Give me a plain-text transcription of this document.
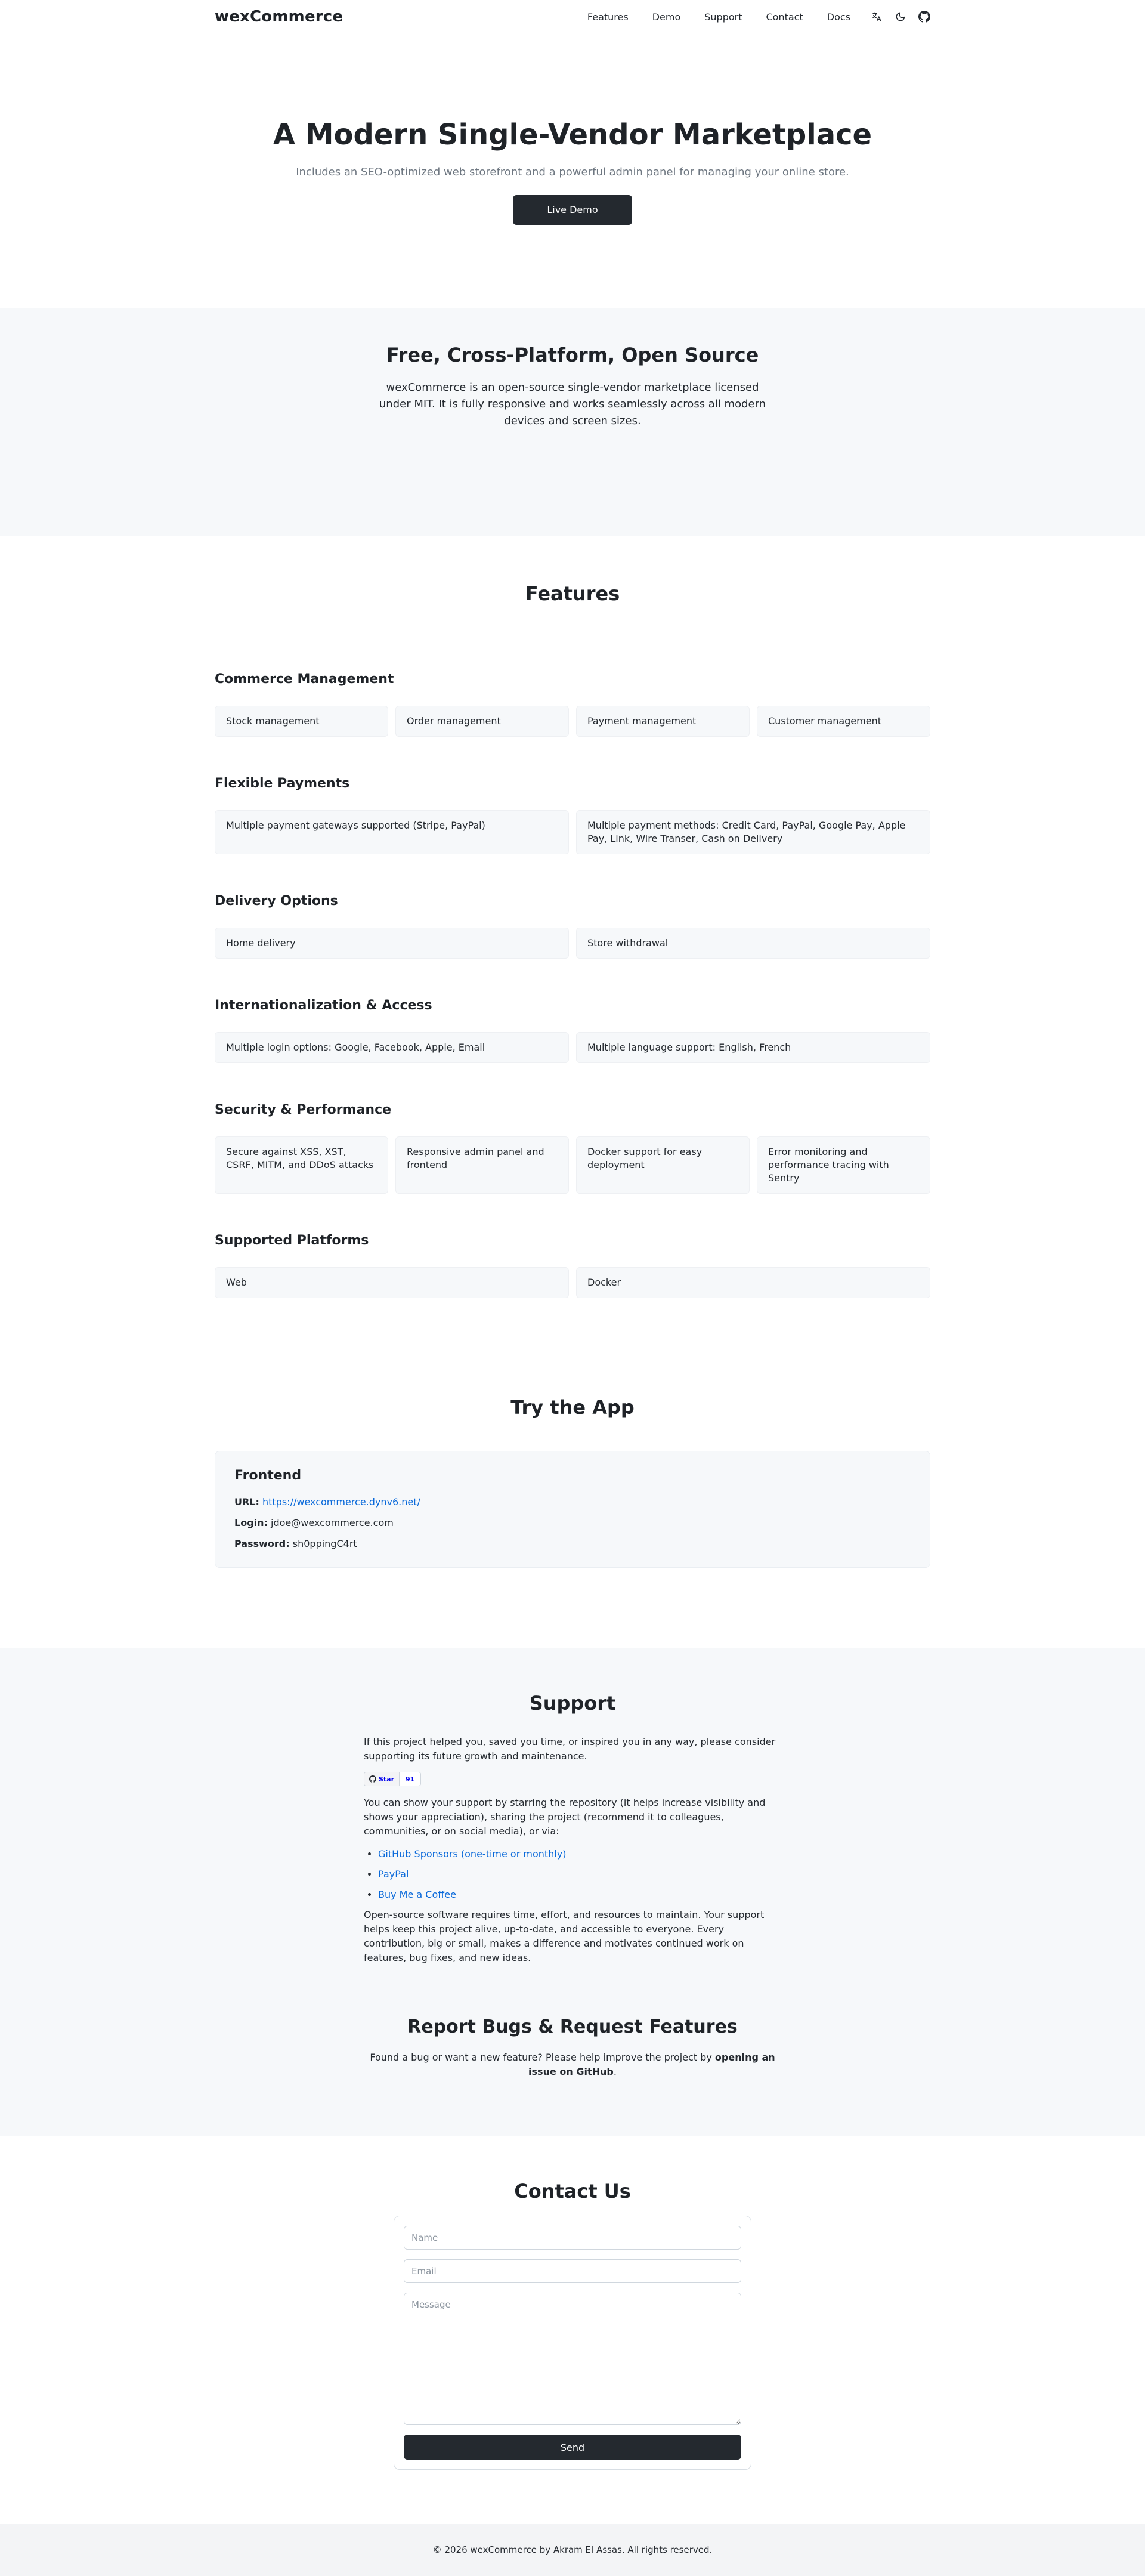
wexCommerce	Features	Demo	Support	Contact	Docs
A Modern Single-Vendor Marketplace

Includes an SEO-optimized web storefront and a powerful admin panel for managing your online store.

Live Demo
Free, Cross-Platform, Open Source

wexCommerce is an open-source single-vendor marketplace licensed under MIT. It is fully responsive and works seamlessly across all modern devices and screen sizes.

Features
Commerce Management
Stock management	Order management	Payment management	Customer management
Flexible Payments
Multiple payment gateways supported (Stripe, PayPal)	Multiple payment methods: Credit Card, PayPal, Google Pay, Apple Pay, Link, Wire Transer, Cash on Delivery
Delivery Options
Home delivery	Store withdrawal
Internationalization & Access
Multiple login options: Google, Facebook, Apple, Email	Multiple language support: English, French
Security & Performance
Secure against XSS, XST, CSRF, MITM, and DDoS attacks
Responsive admin panel and frontend
Docker support for easy deployment
Error monitoring and performance tracing with Sentry
Supported Platforms
Web	Docker
Try the App
Frontend
URL: https://wexcommerce.dynv6.net/
Login: jdoe@wexcommerce.com
Password: sh0ppingC4rt
Support

If this project helped you, saved you time, or inspired you in any way, please consider supporting its future growth and maintenance.

Star	91

You can show your support by starring the repository (it helps increase visibility and shows your appreciation), sharing the project (recommend it to colleagues, communities, or on social media), or via:

• GitHub Sponsors (one-time or monthly)
• PayPal
• Buy Me a Coffee

Open-source software requires time, effort, and resources to maintain. Your support helps keep this project alive, up-to-date, and accessible to everyone. Every contribution, big or small, makes a difference and motivates continued work on features, bug fixes, and new ideas.

Report Bugs & Request Features

Found a bug or want a new feature? Please help improve the project by opening an issue on GitHub.

Contact Us
Name Email
Message
Send
© 2026 wexCommerce by Akram El Assas. All rights reserved.
